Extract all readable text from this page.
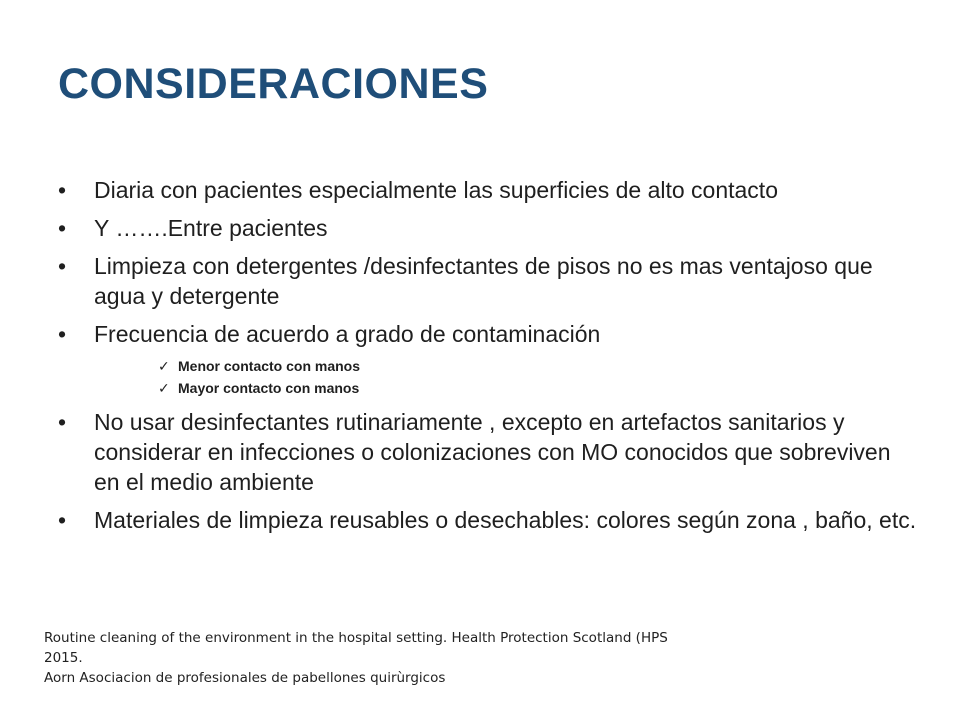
CONSIDERACIONES
•	Diaria con pacientes especialmente las superficies de alto contacto
•	Y …….Entre pacientes
•	Limpieza con detergentes /desinfectantes de pisos no es mas ventajoso que agua y detergente
•	Frecuencia de acuerdo a grado de contaminación
✓ Menor contacto con manos
✓ Mayor contacto con manos
•	No usar desinfectantes rutinariamente , excepto en artefactos sanitarios y considerar en infecciones o colonizaciones con MO conocidos que sobreviven en el medio ambiente
•	Materiales de limpieza reusables o desechables: colores según zona , baño, etc.
Routine cleaning of the environment in the hospital setting. Health Protection Scotland (HPS
2015.
Aorn Asociacion de profesionales de pabellones quirùrgicos
